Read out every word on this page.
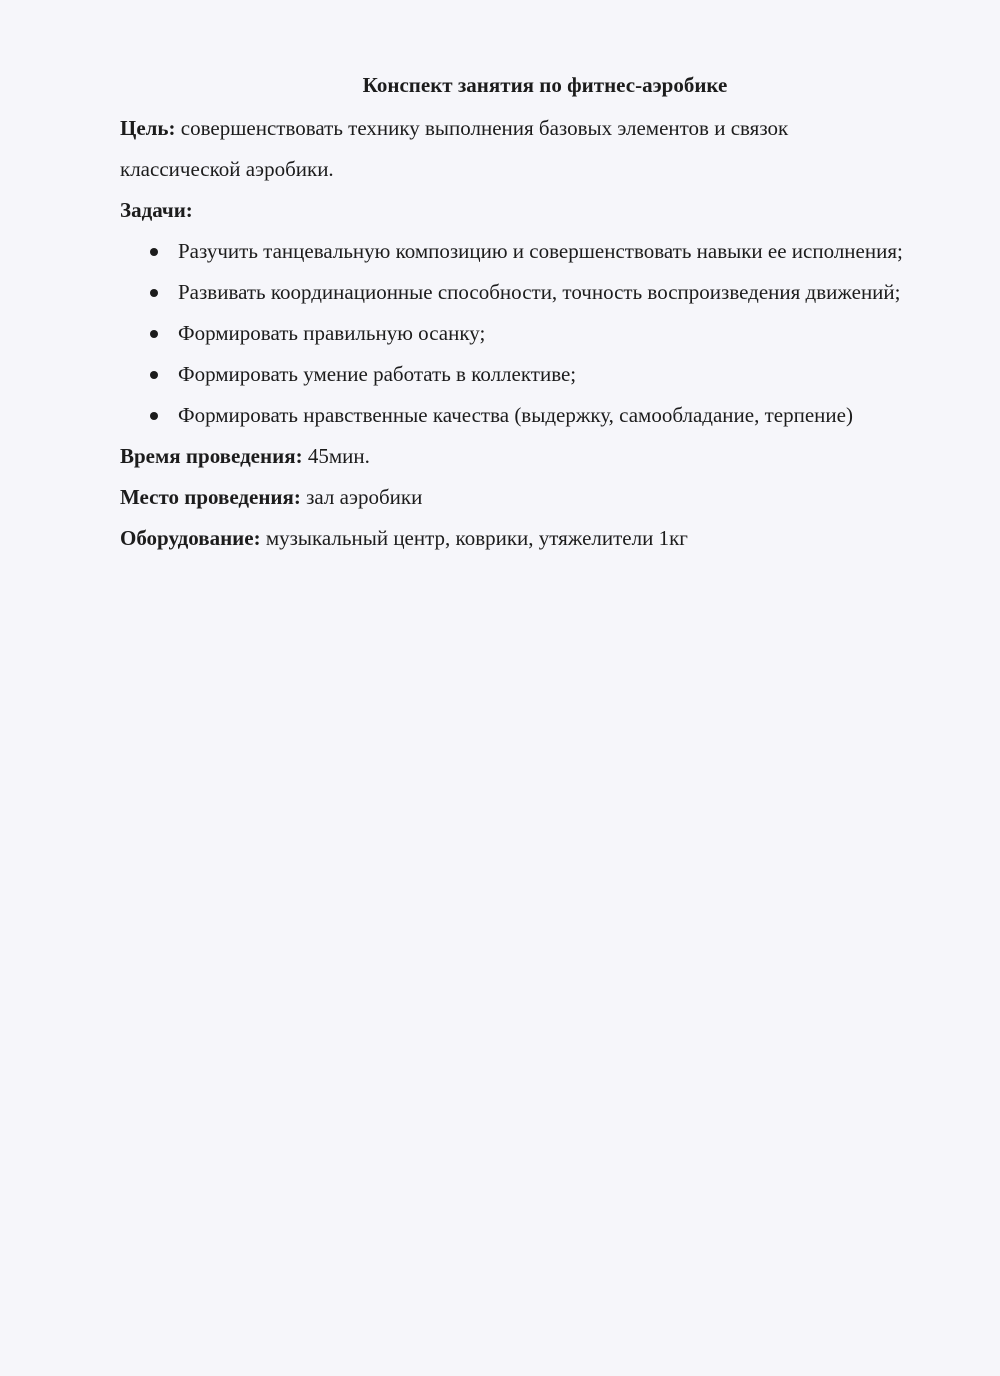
Конспект занятия по фитнес-аэробике
Цель: совершенствовать технику выполнения базовых элементов и связок
классической аэробики.
Задачи:
Разучить танцевальную композицию и совершенствовать навыки ее исполнения;
Развивать координационные способности, точность воспроизведения движений;
Формировать правильную осанку;
Формировать умение работать в коллективе;
Формировать нравственные качества (выдержку, самообладание, терпение)
Время проведения: 45мин.
Место проведения: зал аэробики
Оборудование: музыкальный центр, коврики, утяжелители 1кг
